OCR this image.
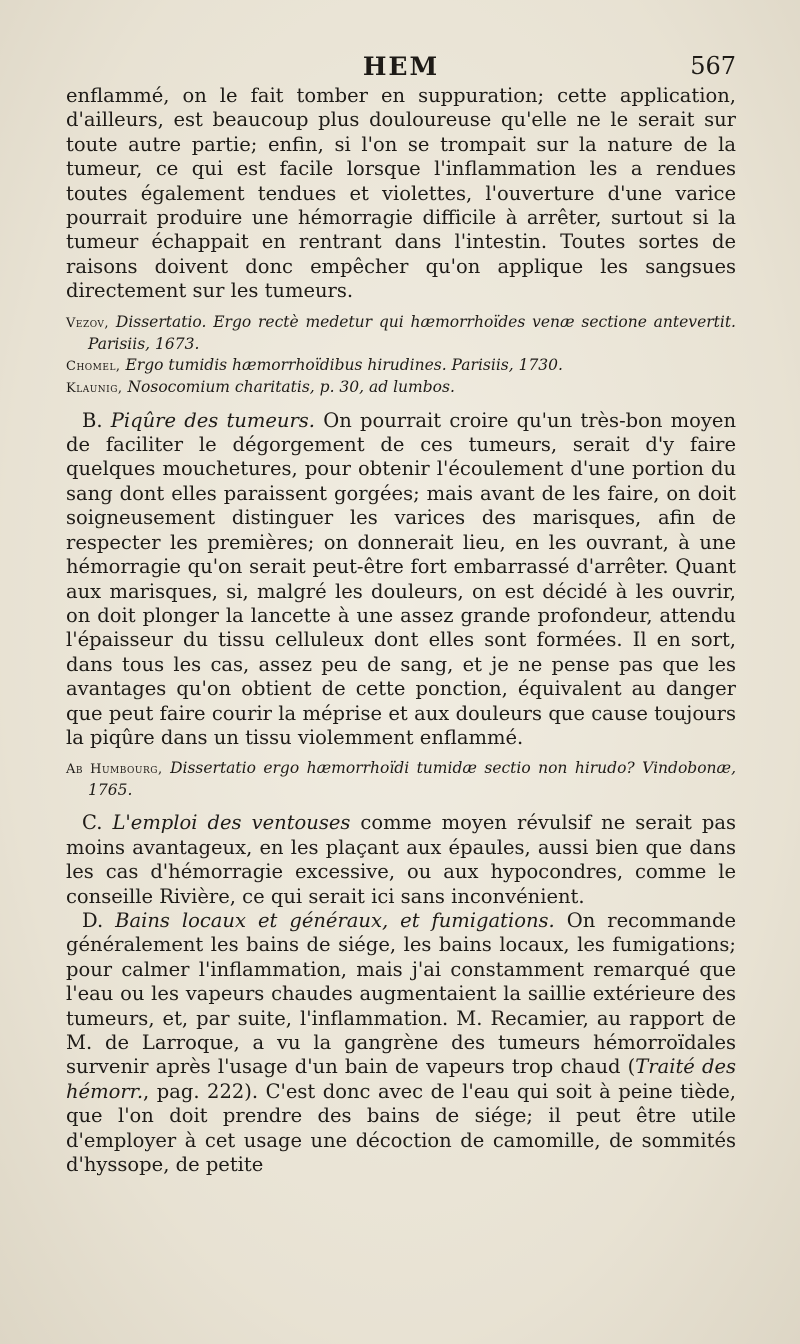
HEM	567

enflammé, on le fait tomber en suppuration; cette application, d'ailleurs, est beaucoup plus douloureuse qu'elle ne le serait sur toute autre partie; enfin, si l'on se trompait sur la nature de la tumeur, ce qui est facile lorsque l'inflammation les a rendues toutes également tendues et violettes, l'ouverture d'une varice pourrait produire une hémorragie difficile à arrêter, surtout si la tumeur échappait en rentrant dans l'intestin. Toutes sortes de raisons doivent donc empêcher qu'on applique les sangsues directement sur les tumeurs.

Vezov, Dissertatio. Ergo rectè medetur qui hæmorrhoïdes venæ sectione antevertit. Parisiis, 1673.

Chomel, Ergo tumidis hæmorrhoïdibus hirudines. Parisiis, 1730.

Klaunig, Nosocomium charitatis, p. 30, ad lumbos.

B. Piqûre des tumeurs. On pourrait croire qu'un très-bon moyen de faciliter le dégorgement de ces tumeurs, serait d'y faire quelques mouchetures, pour obtenir l'écoulement d'une portion du sang dont elles paraissent gorgées; mais avant de les faire, on doit soigneusement distinguer les varices des marisques, afin de respecter les premières; on donnerait lieu, en les ouvrant, à une hémorragie qu'on serait peut-être fort embarrassé d'arrêter. Quant aux marisques, si, malgré les douleurs, on est décidé à les ouvrir, on doit plonger la lancette à une assez grande profondeur, attendu l'épaisseur du tissu celluleux dont elles sont formées. Il en sort, dans tous les cas, assez peu de sang, et je ne pense pas que les avantages qu'on obtient de cette ponction, équivalent au danger que peut faire courir la méprise et aux douleurs que cause toujours la piqûre dans un tissu violemment enflammé.

Ab Humbourg, Dissertatio ergo hæmorrhoïdi tumidæ sectio non hirudo? Vindobonæ, 1765.

C. L'emploi des ventouses comme moyen révulsif ne serait pas moins avantageux, en les plaçant aux épaules, aussi bien que dans les cas d'hémorragie excessive, ou aux hypocondres, comme le conseille Rivière, ce qui serait ici sans inconvénient.

D. Bains locaux et généraux, et fumigations. On recommande généralement les bains de siége, les bains locaux, les fumigations; pour calmer l'inflammation, mais j'ai constamment remarqué que l'eau ou les vapeurs chaudes augmentaient la saillie extérieure des tumeurs, et, par suite, l'inflammation. M. Recamier, au rapport de M. de Larroque, a vu la gangrène des tumeurs hémorroïdales survenir après l'usage d'un bain de vapeurs trop chaud (Traité des hémorr., pag. 222). C'est donc avec de l'eau qui soit à peine tiède, que l'on doit prendre des bains de siége; il peut être utile d'employer à cet usage une décoction de camomille, de sommités d'hyssope, de petite
